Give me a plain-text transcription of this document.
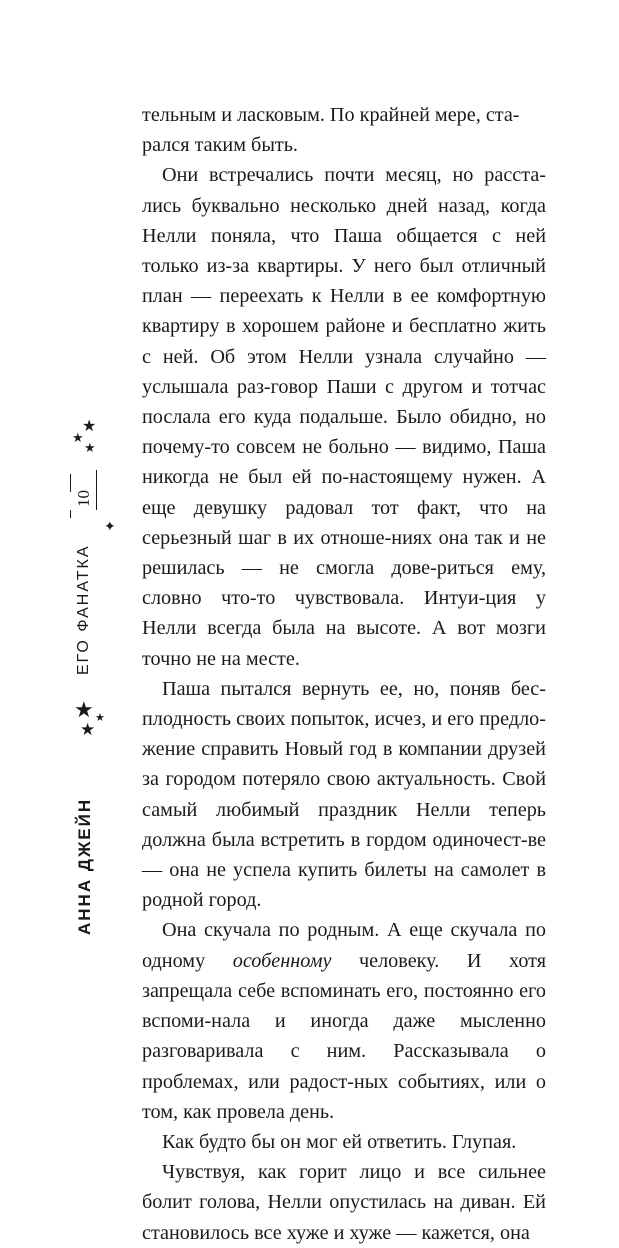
тельным и ласковым. По крайней мере, ста-
рался таким быть.

Они встречались почти месяц, но расста-лись буквально несколько дней назад, когда Нелли поняла, что Паша общается с ней только из-за квартиры. У него был отличный план — переехать к Нелли в ее комфортную квартиру в хорошем районе и бесплатно жить с ней. Об этом Нелли узнала случайно — услышала раз-говор Паши с другом и тотчас послала его куда подальше. Было обидно, но почему-то совсем не больно — видимо, Паша никогда не был ей по-настоящему нужен. А еще девушку радовал тот факт, что на серьезный шаг в их отноше-ниях она так и не решилась — не смогла дове-риться ему, словно что-то чувствовала. Интуи-ция у Нелли всегда была на высоте. А вот мозги точно не на месте.

Паша пытался вернуть ее, но, поняв бес-плодность своих попыток, исчез, и его предло-жение справить Новый год в компании друзей за городом потеряло свою актуальность. Свой самый любимый праздник Нелли теперь должна была встретить в гордом одиночест-ве — она не успела купить билеты на самолет в родной город.

Она скучала по родным. А еще скучала по одному особенному человеку. И хотя запрещала себе вспоминать его, постоянно его вспоми-нала и иногда даже мысленно разговаривала с ним. Рассказывала о проблемах, или радост-ных событиях, или о том, как провела день.

Как будто бы он мог ей ответить. Глупая.

Чувствуя, как горит лицо и все сильнее болит голова, Нелли опустилась на диван. Ей становилось все хуже и хуже — кажется, она

★
★
★
10
✦
ЕГО ФАНАТКА
★ ★
★
АННА ДЖЕЙН
